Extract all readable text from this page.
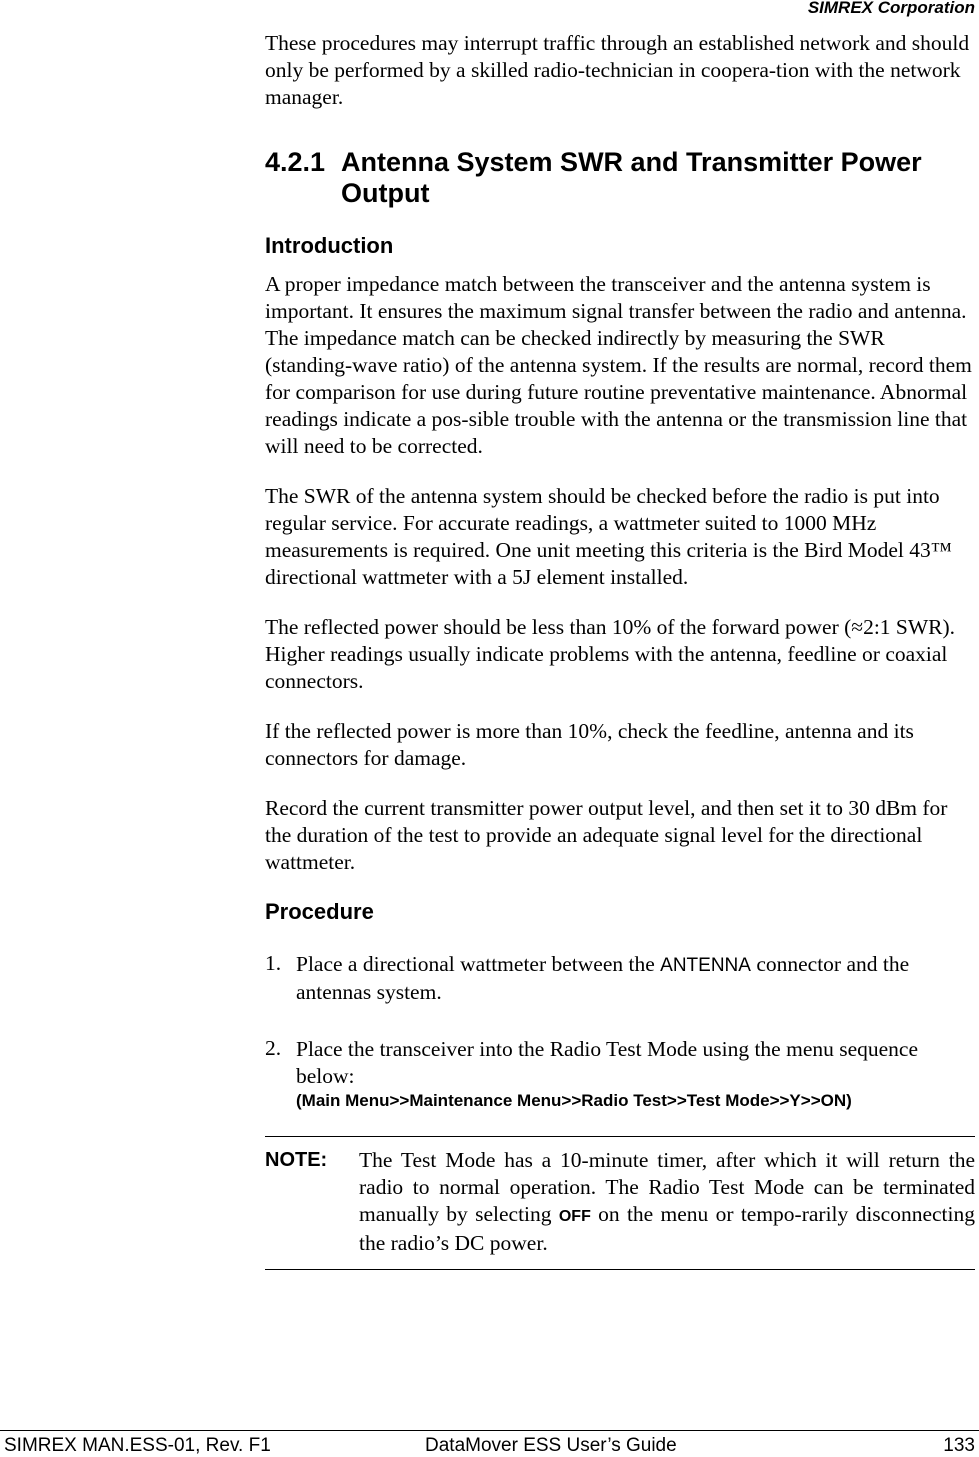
SIMREX Corporation

These procedures may interrupt traffic through an established network and should only be performed by a skilled radio-technician in coopera-tion with the network manager.

4.2.1 Antenna System SWR and Transmitter Power Output
Introduction

A proper impedance match between the transceiver and the antenna system is important. It ensures the maximum signal transfer between the radio and antenna. The impedance match can be checked indirectly by measuring the SWR (standing-wave ratio) of the antenna system. If the results are normal, record them for comparison for use during future routine preventative maintenance. Abnormal readings indicate a pos-sible trouble with the antenna or the transmission line that will need to be corrected.

The SWR of the antenna system should be checked before the radio is put into regular service. For accurate readings, a wattmeter suited to 1000 MHz measurements is required. One unit meeting this criteria is the Bird Model 43™ directional wattmeter with a 5J element installed.

The reflected power should be less than 10% of the forward power (≈2:1 SWR). Higher readings usually indicate problems with the antenna, feedline or coaxial connectors.

If the reflected power is more than 10%, check the feedline, antenna and its connectors for damage.

Record the current transmitter power output level, and then set it to 30 dBm for the duration of the test to provide an adequate signal level for the directional wattmeter.

Procedure
1. Place a directional wattmeter between the ANTENNA connector and the antennas system.

2. Place the transceiver into the Radio Test Mode using the menu sequence below:

(Main Menu>>Maintenance Menu>>Radio Test>>Test Mode>>Y>>ON)
NOTE:	The Test Mode has a 10-minute timer, after which it will return the radio to normal operation. The Radio Test Mode can be terminated manually by selecting OFF on the menu or tempo-rarily disconnecting the radio’s DC power.
SIMREX MAN.ESS-01, Rev. F1	DataMover ESS User’s Guide	133
